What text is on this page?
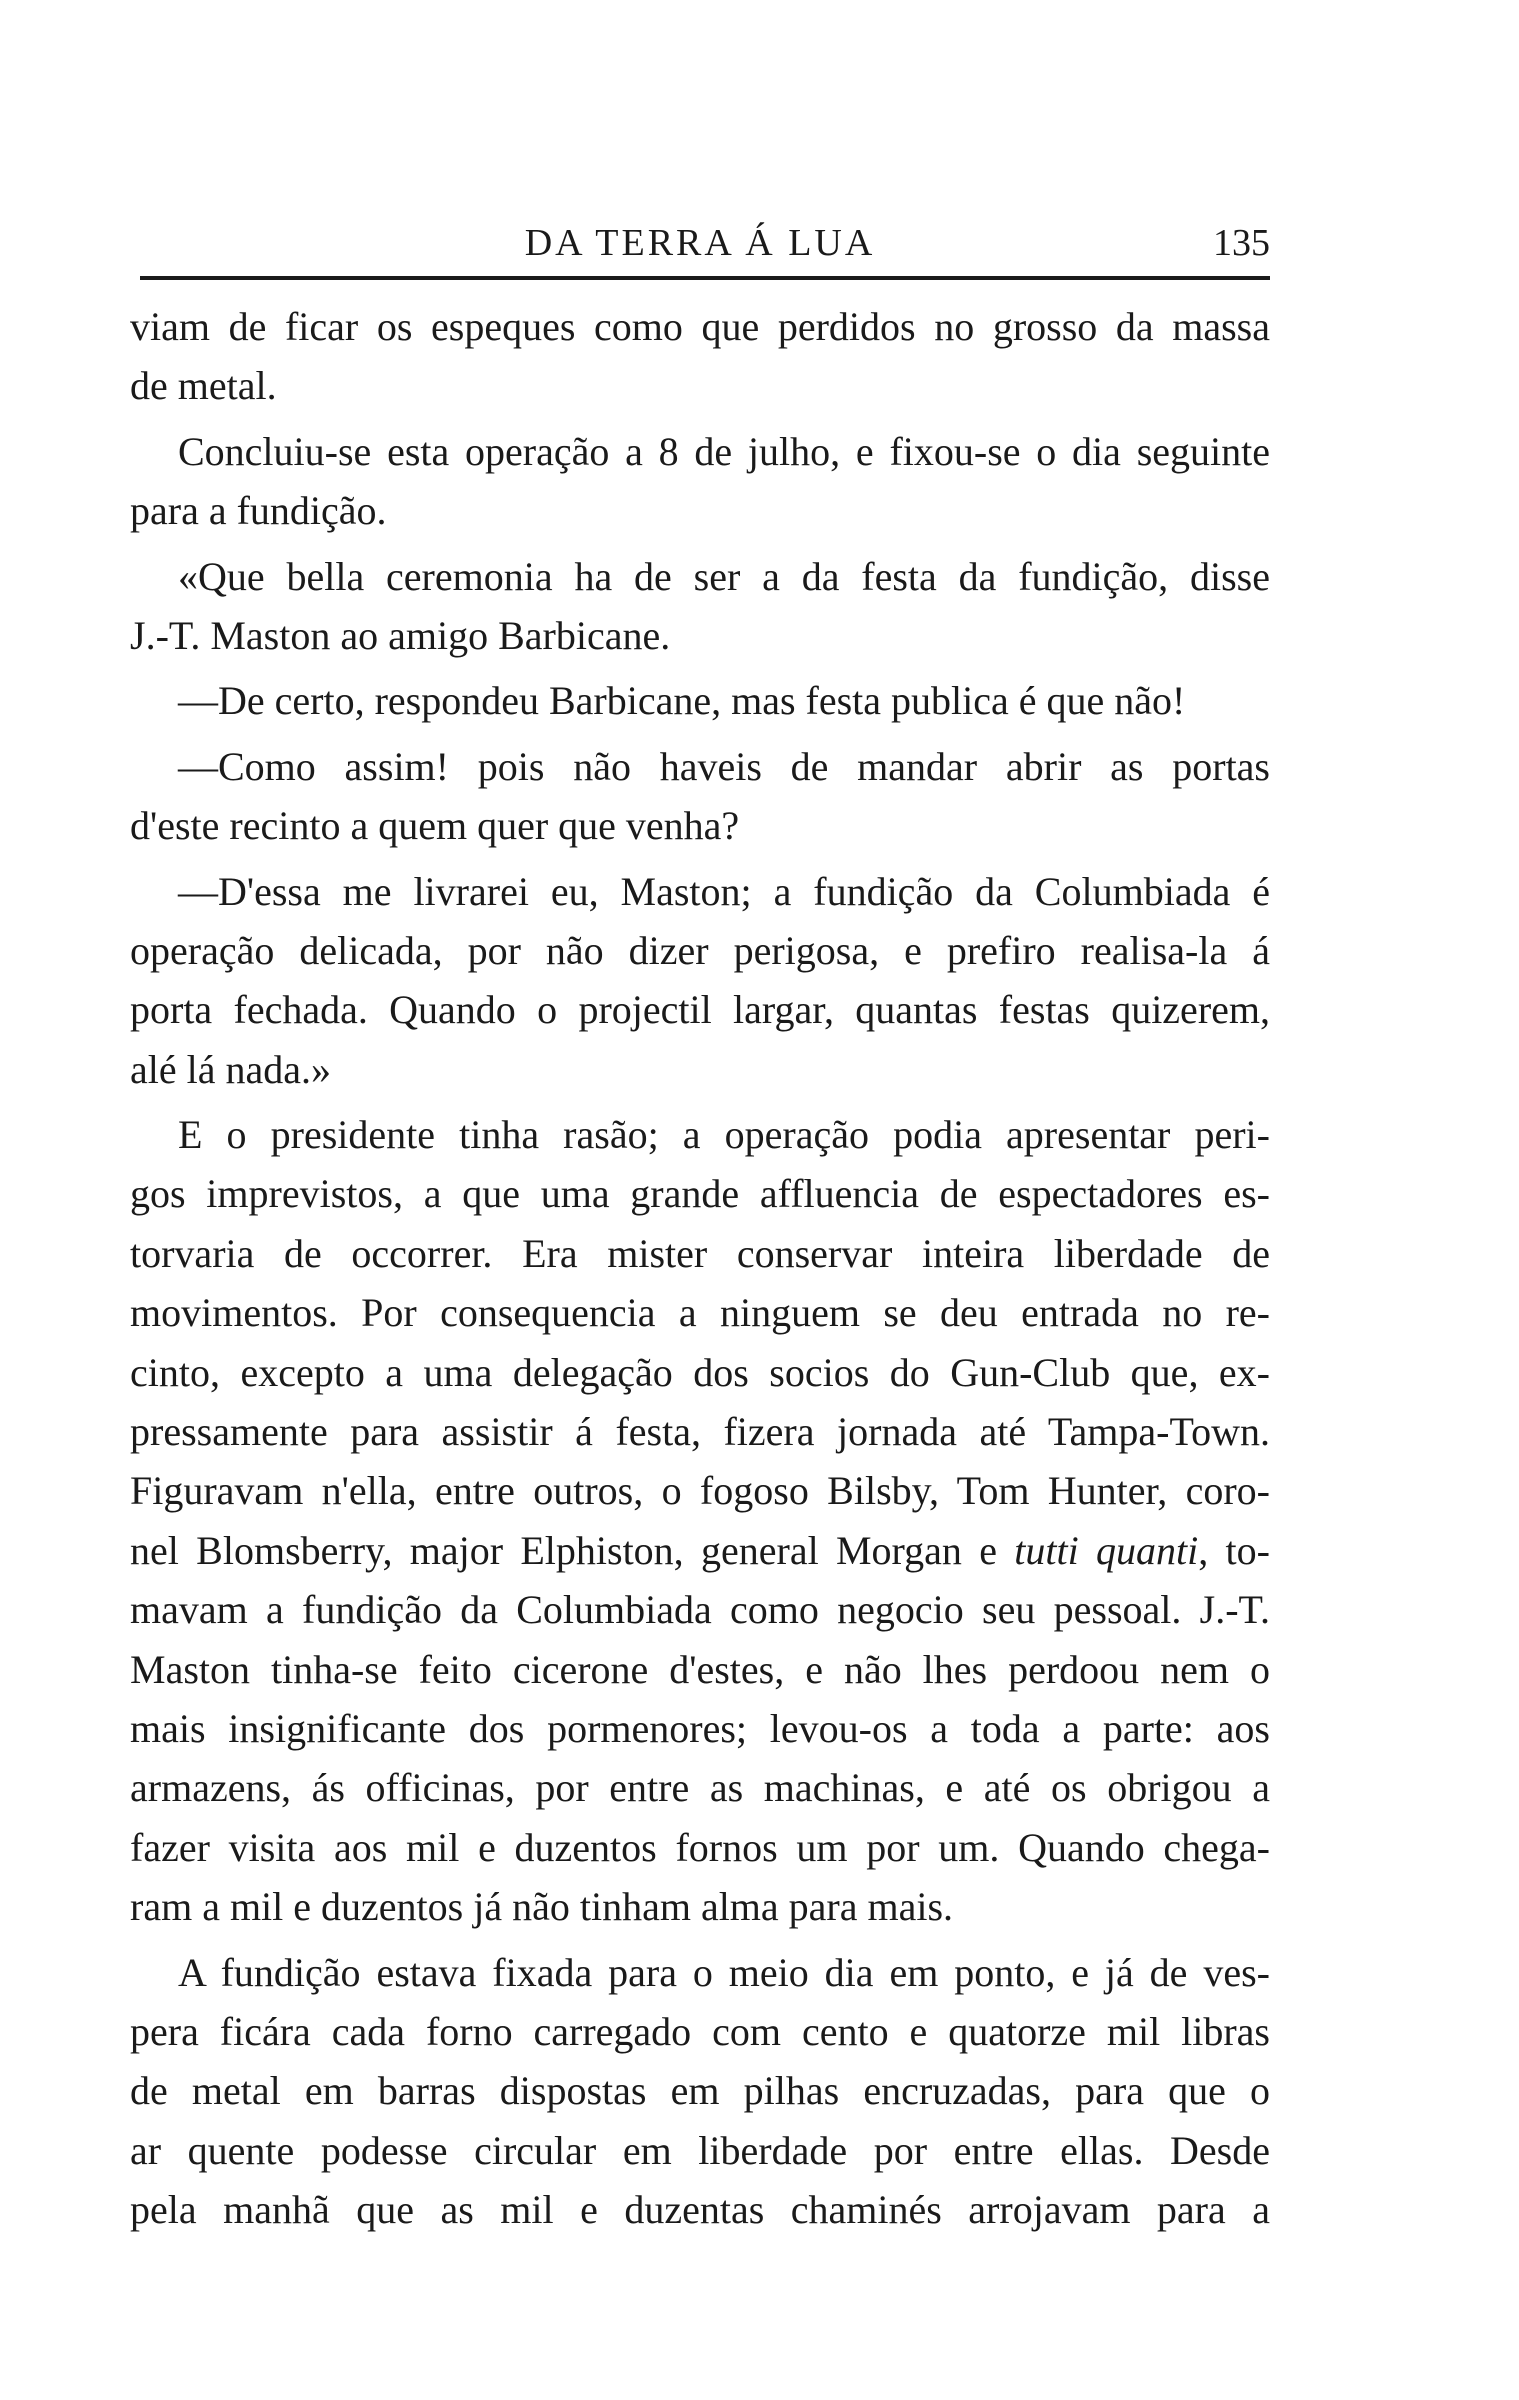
DA TERRA Á LUA	135
viam de ficar os espeques como que perdidos no grosso da massa
de metal.
Concluiu-se esta operação a 8 de julho, e fixou-se o dia seguinte
para a fundição.
«Que bella ceremonia ha de ser a da festa da fundição, disse
J.-T. Maston ao amigo Barbicane.
—De certo, respondeu Barbicane, mas festa publica é que não!
—Como assim! pois não haveis de mandar abrir as portas
d'este recinto a quem quer que venha?
—D'essa me livrarei eu, Maston; a fundição da Columbiada é
operação delicada, por não dizer perigosa, e prefiro realisa-la á
porta fechada. Quando o projectil largar, quantas festas quizerem,
alé lá nada.»
E o presidente tinha rasão; a operação podia apresentar peri-
gos imprevistos, a que uma grande affluencia de espectadores es-
torvaria de occorrer. Era mister conservar inteira liberdade de
movimentos. Por consequencia a ninguem se deu entrada no re-
cinto, excepto a uma delegação dos socios do Gun-Club que, ex-
pressamente para assistir á festa, fizera jornada até Tampa-Town.
Figuravam n'ella, entre outros, o fogoso Bilsby, Tom Hunter, coro-
nel Blomsberry, major Elphiston, general Morgan e tutti quanti, to-
mavam a fundição da Columbiada como negocio seu pessoal. J.-T.
Maston tinha-se feito cicerone d'estes, e não lhes perdoou nem o
mais insignificante dos pormenores; levou-os a toda a parte: aos
armazens, ás officinas, por entre as machinas, e até os obrigou a
fazer visita aos mil e duzentos fornos um por um. Quando chega-
ram a mil e duzentos já não tinham alma para mais.
A fundição estava fixada para o meio dia em ponto, e já de ves-
pera ficára cada forno carregado com cento e quatorze mil libras
de metal em barras dispostas em pilhas encruzadas, para que o
ar quente podesse circular em liberdade por entre ellas. Desde
pela manhã que as mil e duzentas chaminés arrojavam para a
